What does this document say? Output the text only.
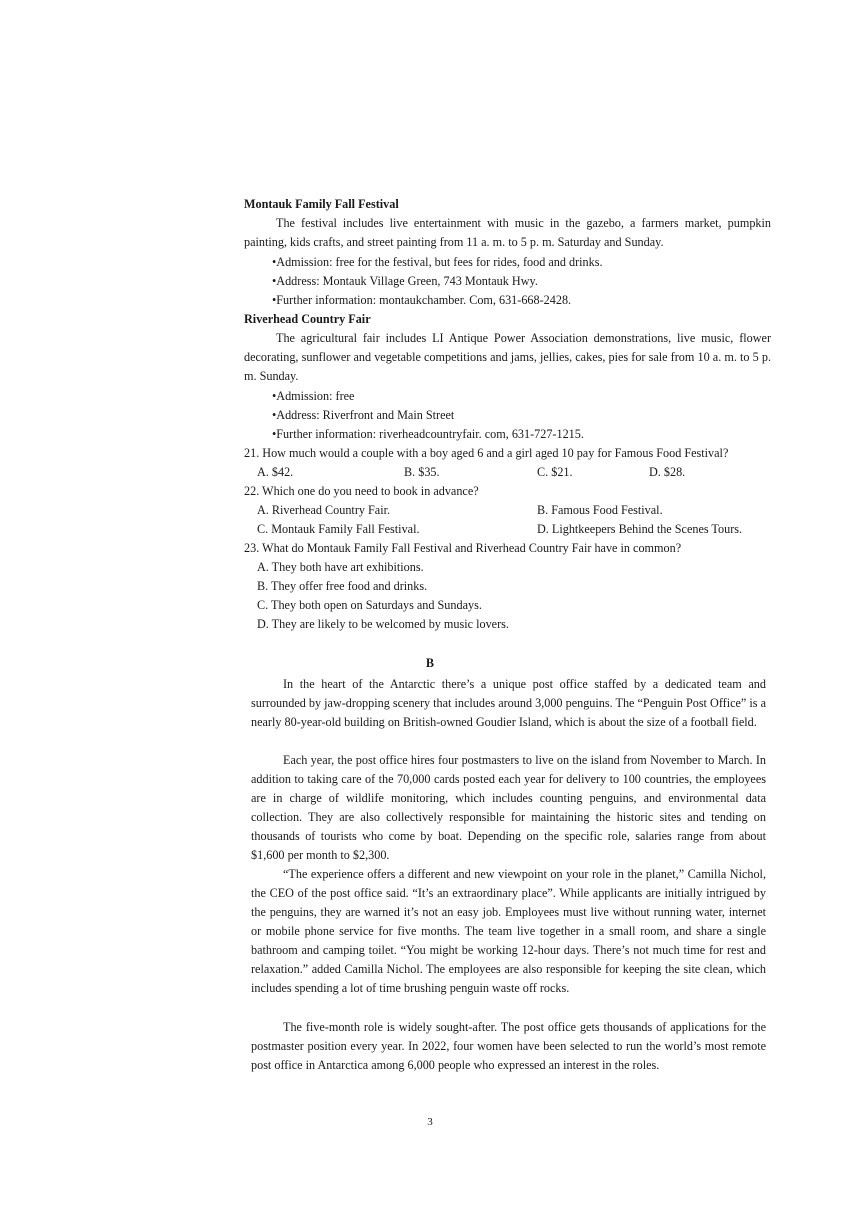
Montauk Family Fall Festival
The festival includes live entertainment with music in the gazebo, a farmers market, pumpkin painting, kids crafts, and street painting from 11 a. m. to 5 p. m. Saturday and Sunday.
•Admission: free for the festival, but fees for rides, food and drinks.
•Address: Montauk Village Green, 743 Montauk Hwy.
•Further information: montaukchamber. Com, 631-668-2428.
Riverhead Country Fair
The agricultural fair includes LI Antique Power Association demonstrations, live music, flower decorating, sunflower and vegetable competitions and jams, jellies, cakes, pies for sale from 10 a. m. to 5 p. m. Sunday.
•Admission: free
•Address: Riverfront and Main Street
•Further information: riverheadcountryfair. com, 631-727-1215.
21. How much would a couple with a boy aged 6 and a girl aged 10 pay for Famous Food Festival?
A. $42.	B. $35.	C. $21.	D. $28.
22. Which one do you need to book in advance?
A. Riverhead Country Fair.	B. Famous Food Festival.
C. Montauk Family Fall Festival.	D. Lightkeepers Behind the Scenes Tours.
23. What do Montauk Family Fall Festival and Riverhead Country Fair have in common?
A. They both have art exhibitions.
B. They offer free food and drinks.
C. They both open on Saturdays and Sundays.
D. They are likely to be welcomed by music lovers.
B
In the heart of the Antarctic there’s a unique post office staffed by a dedicated team and surrounded by jaw-dropping scenery that includes around 3,000 penguins. The “Penguin Post Office” is a nearly 80-year-old building on British-owned Goudier Island, which is about the size of a football field.
Each year, the post office hires four postmasters to live on the island from November to March. In addition to taking care of the 70,000 cards posted each year for delivery to 100 countries, the employees are in charge of wildlife monitoring, which includes counting penguins, and environmental data collection. They are also collectively responsible for maintaining the historic sites and tending on thousands of tourists who come by boat. Depending on the specific role, salaries range from about $1,600 per month to $2,300.
“The experience offers a different and new viewpoint on your role in the planet,” Camilla Nichol, the CEO of the post office said. “It’s an extraordinary place”. While applicants are initially intrigued by the penguins, they are warned it’s not an easy job. Employees must live without running water, internet or mobile phone service for five months. The team live together in a small room, and share a single bathroom and camping toilet. “You might be working 12-hour days. There’s not much time for rest and relaxation.” added Camilla Nichol. The employees are also responsible for keeping the site clean, which includes spending a lot of time brushing penguin waste off rocks.
The five-month role is widely sought-after. The post office gets thousands of applications for the postmaster position every year. In 2022, four women have been selected to run the world’s most remote post office in Antarctica among 6,000 people who expressed an interest in the roles.
3
